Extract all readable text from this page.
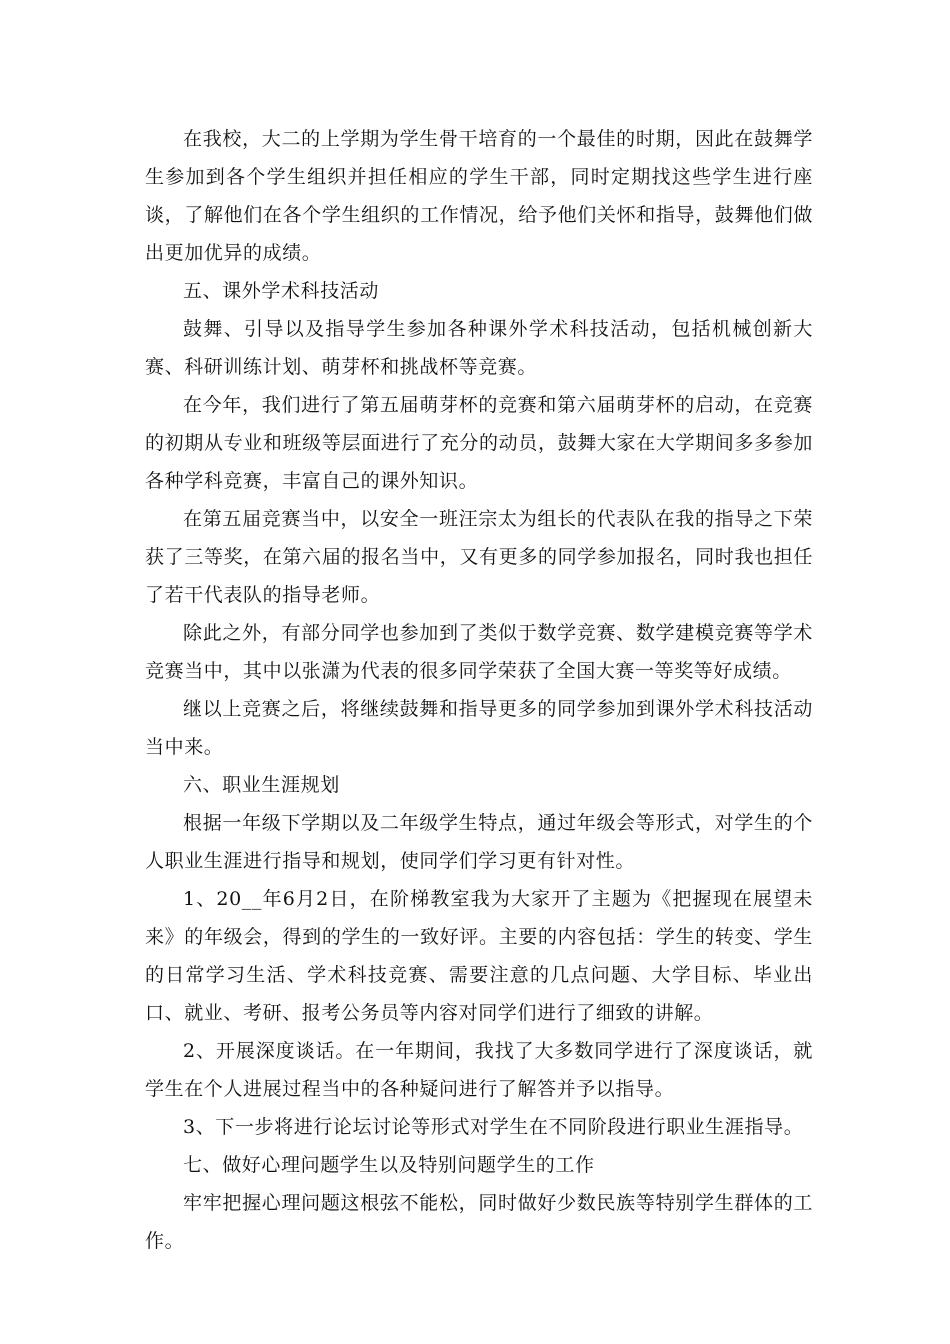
在我校，大二的上学期为学生骨干培育的一个最佳的时期，因此在鼓舞学生参加到各个学生组织并担任相应的学生干部，同时定期找这些学生进行座谈，了解他们在各个学生组织的工作情况，给予他们关怀和指导，鼓舞他们做出更加优异的成绩。

五、课外学术科技活动

鼓舞、引导以及指导学生参加各种课外学术科技活动，包括机械创新大赛、科研训练计划、萌芽杯和挑战杯等竞赛。

在今年，我们进行了第五届萌芽杯的竞赛和第六届萌芽杯的启动，在竞赛的初期从专业和班级等层面进行了充分的动员，鼓舞大家在大学期间多多参加各种学科竞赛，丰富自己的课外知识。

在第五届竞赛当中，以安全一班汪宗太为组长的代表队在我的指导之下荣获了三等奖，在第六届的报名当中，又有更多的同学参加报名，同时我也担任了若干代表队的指导老师。

除此之外，有部分同学也参加到了类似于数学竞赛、数学建模竞赛等学术竞赛当中，其中以张潇为代表的很多同学荣获了全国大赛一等奖等好成绩。

继以上竞赛之后，将继续鼓舞和指导更多的同学参加到课外学术科技活动当中来。

六、职业生涯规划

根据一年级下学期以及二年级学生特点，通过年级会等形式，对学生的个人职业生涯进行指导和规划，使同学们学习更有针对性。

1、20__年6月2日，在阶梯教室我为大家开了主题为《把握现在展望未来》的年级会，得到的学生的一致好评。主要的内容包括：学生的转变、学生的日常学习生活、学术科技竞赛、需要注意的几点问题、大学目标、毕业出口、就业、考研、报考公务员等内容对同学们进行了细致的讲解。

2、开展深度谈话。在一年期间，我找了大多数同学进行了深度谈话，就学生在个人进展过程当中的各种疑问进行了解答并予以指导。

3、下一步将进行论坛讨论等形式对学生在不同阶段进行职业生涯指导。

七、做好心理问题学生以及特别问题学生的工作

牢牢把握心理问题这根弦不能松，同时做好少数民族等特别学生群体的工作。
